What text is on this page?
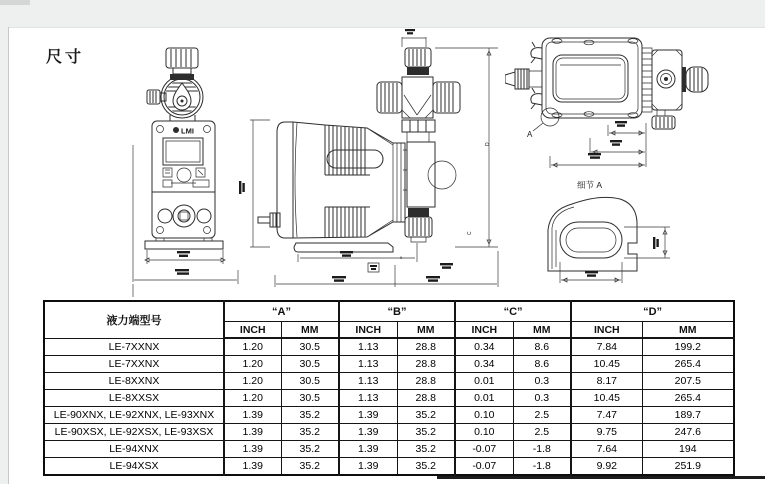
尺寸
LMI
D
C
x
A
细节 A
液力端型号	“A”		“B”		“C”		“D”	
	INCH	MM	INCH	MM	INCH	MM	INCH	MM
LE-7XXNX	1.20	30.5	1.13	28.8	0.34	8.6	7.84	199.2
LE-7XXNX	1.20	30.5	1.13	28.8	0.34	8.6	10.45	265.4
LE-8XXNX	1.20	30.5	1.13	28.8	0.01	0.3	8.17	207.5
LE-8XXSX	1.20	30.5	1.13	28.8	0.01	0.3	10.45	265.4
LE-90XNX, LE-92XNX, LE-93XNX	1.39	35.2	1.39	35.2	0.10	2.5	7.47	189.7
LE-90XSX, LE-92XSX, LE-93XSX	1.39	35.2	1.39	35.2	0.10	2.5	9.75	247.6
LE-94XNX	1.39	35.2	1.39	35.2	-0.07	-1.8	7.64	194
LE-94XSX	1.39	35.2	1.39	35.2	-0.07	-1.8	9.92	251.9
